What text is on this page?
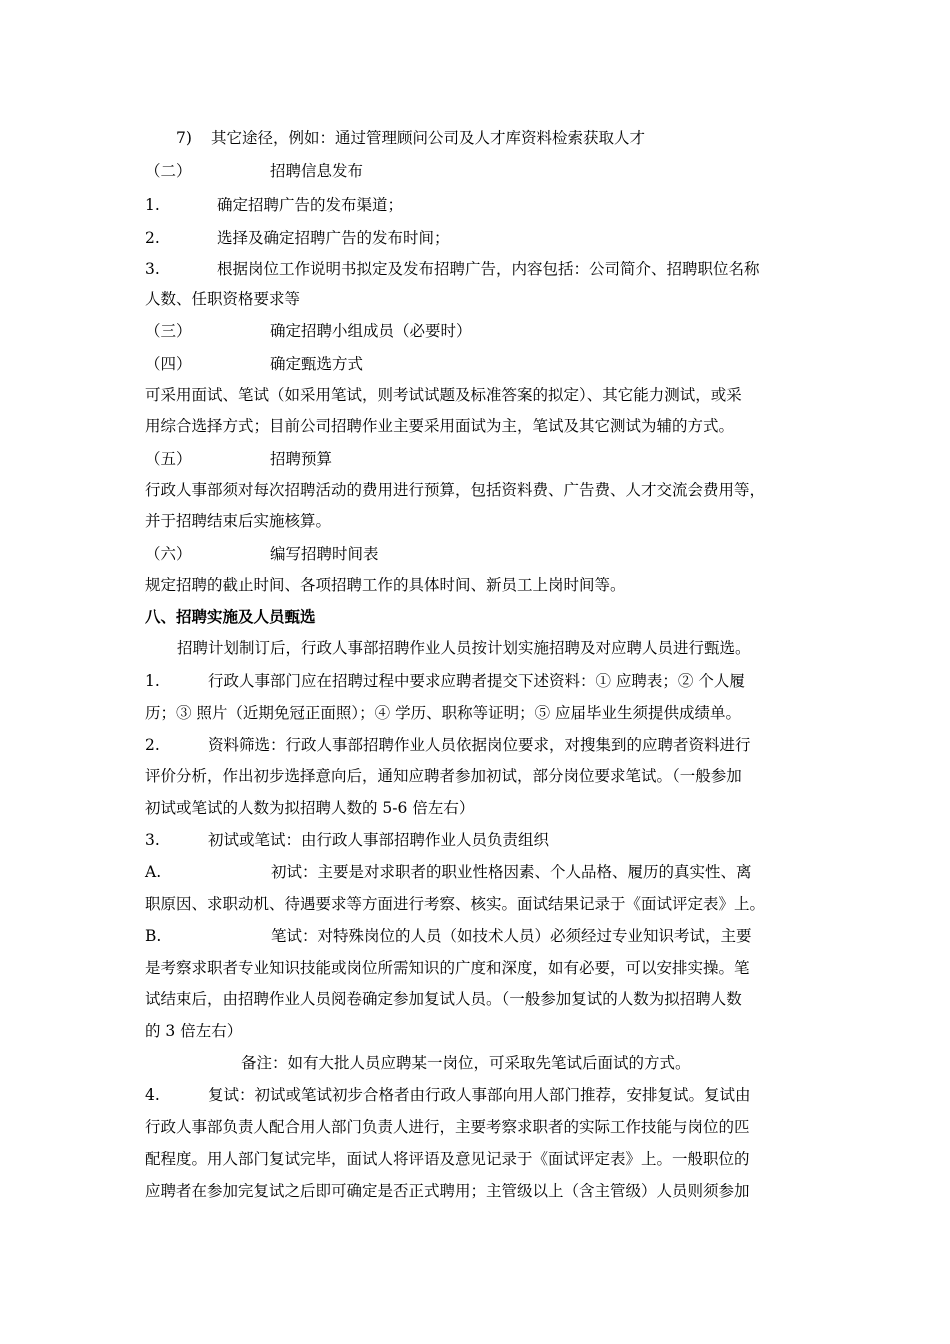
7) 其它途径，例如：通过管理顾问公司及人才库资料检索获取人才
（二）	招聘信息发布
1.	确定招聘广告的发布渠道；
2.	选择及确定招聘广告的发布时间；
3.	根据岗位工作说明书拟定及发布招聘广告，内容包括：公司简介、招聘职位名称
人数、任职资格要求等
（三）	确定招聘小组成员（必要时）
（四）	确定甄选方式
可采用面试、笔试（如采用笔试，则考试试题及标准答案的拟定）、其它能力测试，或采
用综合选择方式；目前公司招聘作业主要采用面试为主，笔试及其它测试为辅的方式。
（五）	招聘预算
行政人事部须对每次招聘活动的费用进行预算，包括资料费、广告费、人才交流会费用等，
并于招聘结束后实施核算。
（六）	编写招聘时间表
规定招聘的截止时间、各项招聘工作的具体时间、新员工上岗时间等。
八、招聘实施及人员甄选
招聘计划制订后，行政人事部招聘作业人员按计划实施招聘及对应聘人员进行甄选。
1.	行政人事部门应在招聘过程中要求应聘者提交下述资料：① 应聘表；② 个人履
历；③ 照片（近期免冠正面照）；④ 学历、职称等证明；⑤ 应届毕业生须提供成绩单。
2.	资料筛选：行政人事部招聘作业人员依据岗位要求，对搜集到的应聘者资料进行
评价分析，作出初步选择意向后，通知应聘者参加初试，部分岗位要求笔试。（一般参加
初试或笔试的人数为拟招聘人数的 5-6 倍左右）
3.	初试或笔试：由行政人事部招聘作业人员负责组织
A.	初试：主要是对求职者的职业性格因素、个人品格、履历的真实性、离
职原因、求职动机、待遇要求等方面进行考察、核实。面试结果记录于《面试评定表》上。
B.	笔试：对特殊岗位的人员（如技术人员）必须经过专业知识考试，主要
是考察求职者专业知识技能或岗位所需知识的广度和深度，如有必要，可以安排实操。笔
试结束后，由招聘作业人员阅卷确定参加复试人员。（一般参加复试的人数为拟招聘人数
的 3 倍左右）
备注：如有大批人员应聘某一岗位，可采取先笔试后面试的方式。
4.	复试：初试或笔试初步合格者由行政人事部向用人部门推荐，安排复试。复试由
行政人事部负责人配合用人部门负责人进行，主要考察求职者的实际工作技能与岗位的匹
配程度。用人部门复试完毕，面试人将评语及意见记录于《面试评定表》上。一般职位的
应聘者在参加完复试之后即可确定是否正式聘用；主管级以上（含主管级）人员则须参加
